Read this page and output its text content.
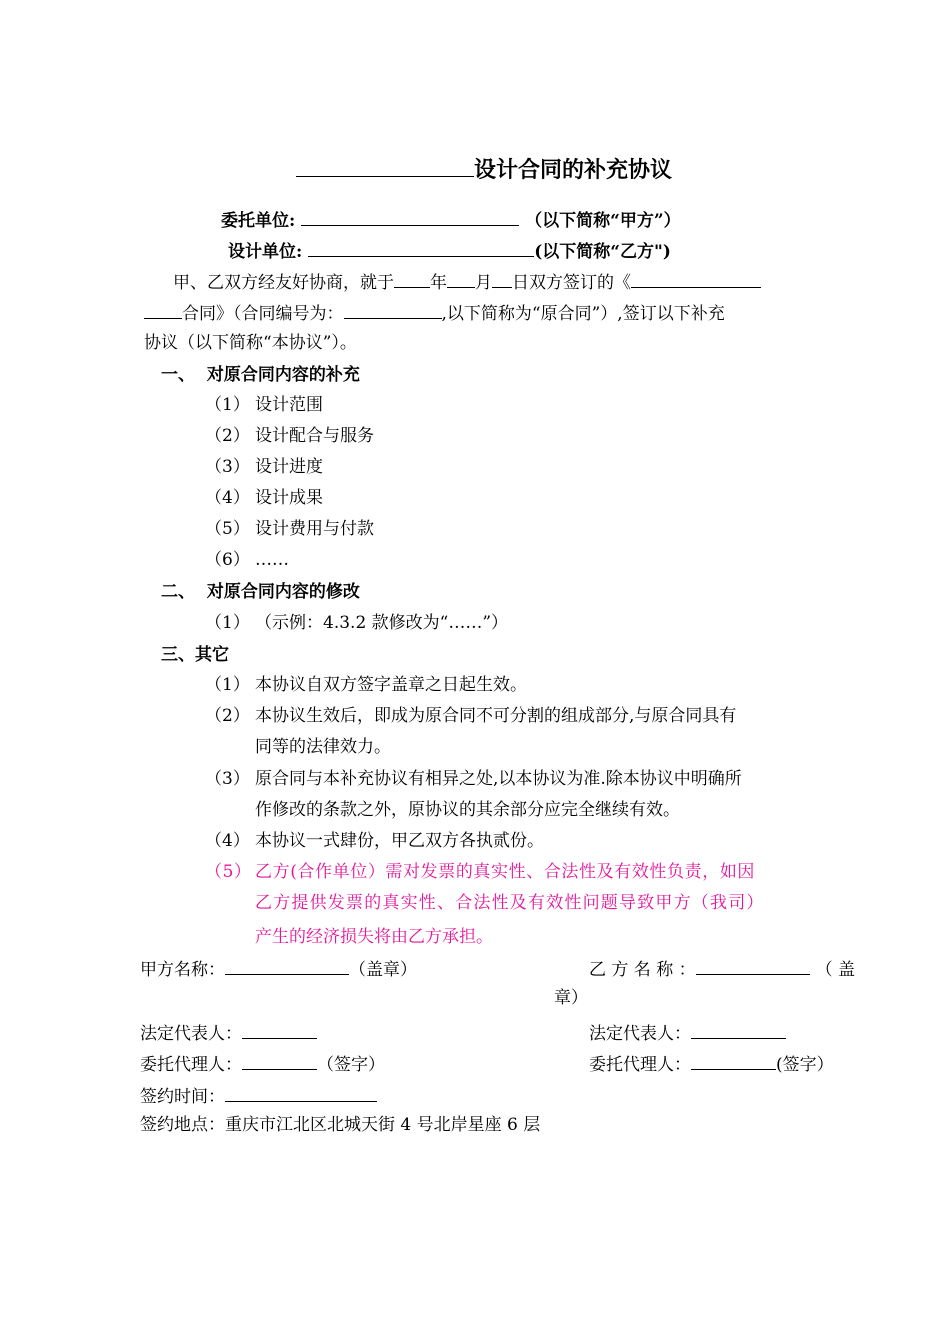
设计合同的补充协议
委托单位:	（以下简称“甲方”）
设计单位:	(以下简称“乙方")
甲、乙双方经友好协商，就于 年 月 日双方签订的《
合同》（合同编号为：	,以下简称为“原合同”）,签订以下补充
协议（以下简称“本协议”）。
一、  对原合同内容的补充
（1） 设计范围
（2） 设计配合与服务
（3） 设计进度
（4） 设计成果
（5） 设计费用与付款
（6） ……
二、  对原合同内容的修改
（1） （示例：4.3.2 款修改为“……”）
三、其它
（1） 本协议自双方签字盖章之日起生效。
（2） 本协议生效后，即成为原合同不可分割的组成部分,与原合同具有
同等的法律效力。
（3） 原合同与本补充协议有相异之处,以本协议为准.除本协议中明确所
作修改的条款之外，原协议的其余部分应完全继续有效。
（4） 本协议一式肆份，甲乙双方各执贰份。
（5） 乙方(合作单位）需对发票的真实性、合法性及有效性负责，如因
乙方提供发票的真实性、合法性及有效性问题导致甲方（我司）
产生的经济损失将由乙方承担。
甲方名称：	（盖章）	乙 方 名 称 ：	（ 盖
章）
法定代表人：	法定代表人：
委托代理人：	（签字）	委托代理人：	(签字）
签约时间：
签约地点：重庆市江北区北城天街 4 号北岸星座 6 层
